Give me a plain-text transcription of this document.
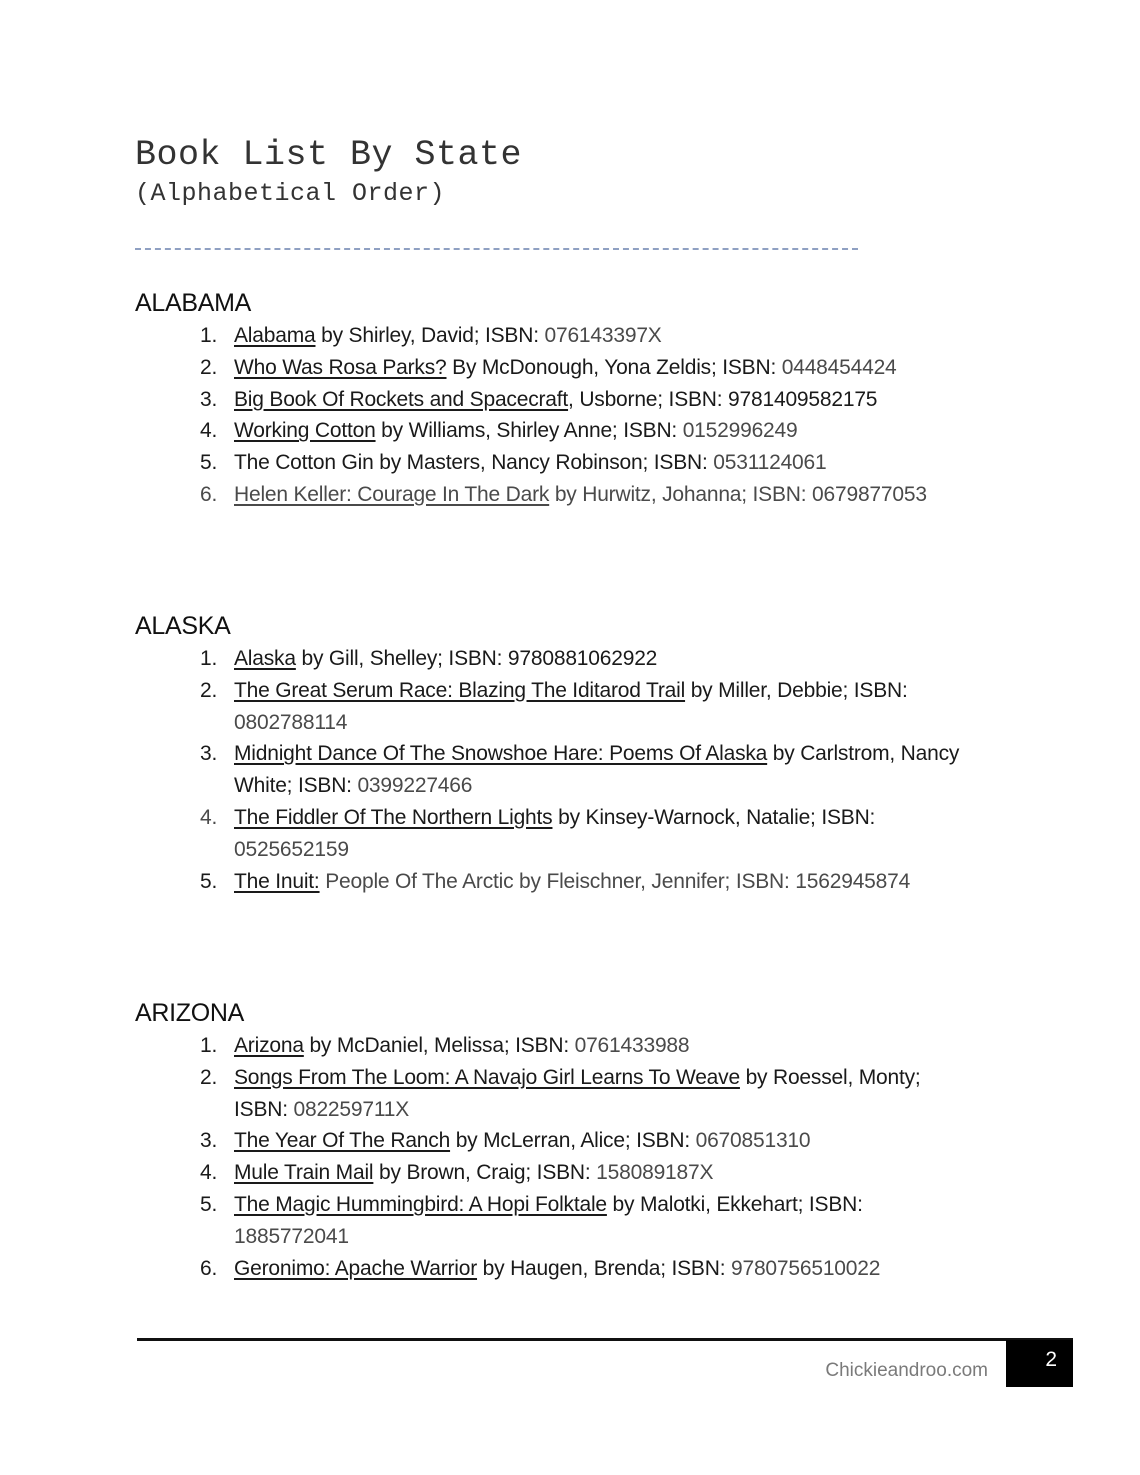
Book List By State
(Alphabetical Order)
ALABAMA
1. Alabama by Shirley, David; ISBN: 076143397X
2. Who Was Rosa Parks? By McDonough, Yona Zeldis; ISBN: 0448454424
3. Big Book Of Rockets and Spacecraft, Usborne; ISBN: 9781409582175
4. Working Cotton by Williams, Shirley Anne; ISBN: 0152996249
5. The Cotton Gin by Masters, Nancy Robinson; ISBN: 0531124061
6. Helen Keller: Courage In The Dark by Hurwitz, Johanna; ISBN: 0679877053
ALASKA
1. Alaska by Gill, Shelley; ISBN: 9780881062922
2. The Great Serum Race: Blazing The Iditarod Trail by Miller, Debbie; ISBN: 0802788114
3. Midnight Dance Of The Snowshoe Hare: Poems Of Alaska by Carlstrom, Nancy White; ISBN: 0399227466
4. The Fiddler Of The Northern Lights by Kinsey-Warnock, Natalie; ISBN: 0525652159
5. The Inuit: People Of The Arctic by Fleischner, Jennifer; ISBN: 1562945874
ARIZONA
1. Arizona by McDaniel, Melissa; ISBN: 0761433988
2. Songs From The Loom: A Navajo Girl Learns To Weave by Roessel, Monty; ISBN: 082259711X
3. The Year Of The Ranch by McLerran, Alice; ISBN: 0670851310
4. Mule Train Mail by Brown, Craig; ISBN: 158089187X
5. The Magic Hummingbird: A Hopi Folktale by Malotki, Ekkehart; ISBN: 1885772041
6. Geronimo: Apache Warrior by Haugen, Brenda; ISBN: 9780756510022
Chickieandroo.com	2
